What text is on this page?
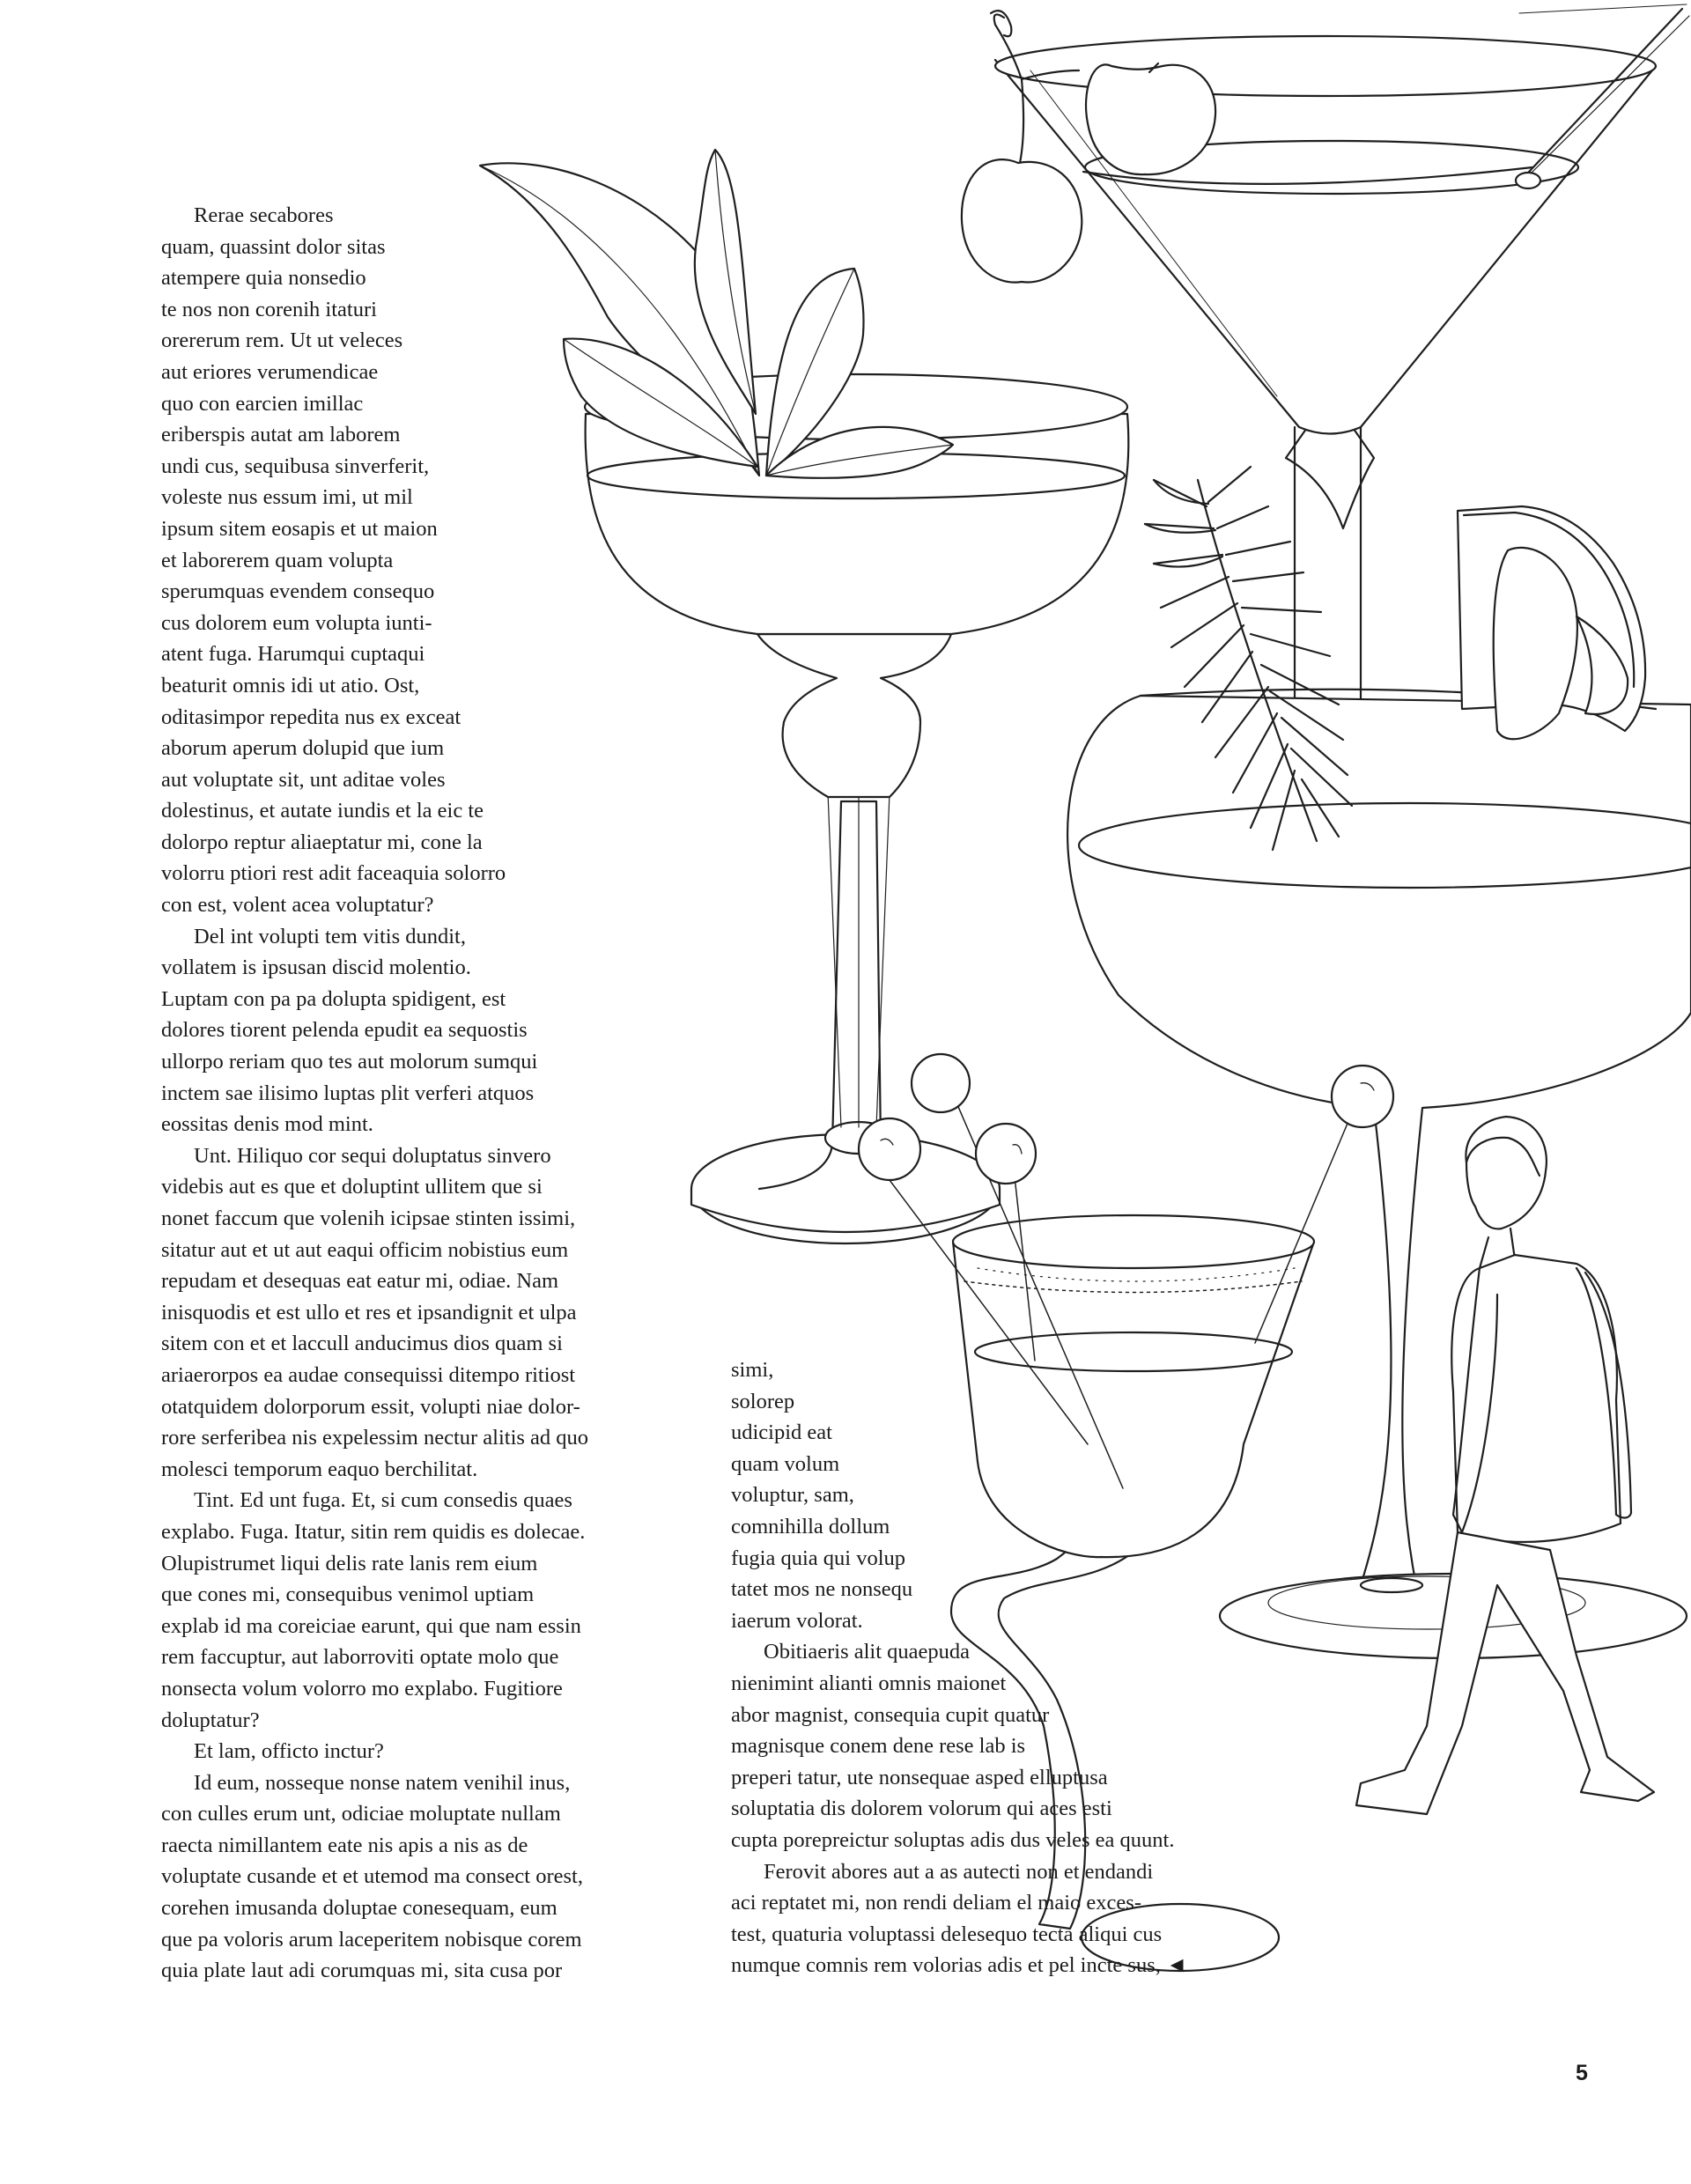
Rerae secabores
quam, quassint dolor sitas
atempere quia nonsedio
te nos non corenih itaturi
orererum rem. Ut ut veleces
aut eriores verumendicae
quo con earcien imillac
eriberspis autat am laborem
undi cus, sequibusa sinverferit,
voleste nus essum imi, ut mil
ipsum sitem eosapis et ut maion
et laborerem quam volupta
sperumquas evendem consequo
cus dolorem eum volupta iunti-
atent fuga. Harumqui cuptaqui
beaturit omnis idi ut atio. Ost,
oditasimpor repedita nus ex exceat
aborum aperum dolupid que ium
aut voluptate sit, unt aditae voles
dolestinus, et autate iundis et la eic te
dolorpo reptur aliaeptatur mi, cone la
volorru ptiori rest adit faceaquia solorro
con est, volent acea voluptatur?

Del int volupti tem vitis dundit,
vollatem is ipsusan discid molentio.
Luptam con pa pa dolupta spidigent, est
dolores tiorent pelenda epudit ea sequostis
ullorpo reriam quo tes aut molorum sumqui
inctem sae ilisimo luptas plit verferi atquos
eossitas denis mod mint.

Unt. Hiliquo cor sequi doluptatus sinvero
videbis aut es que et doluptint ullitem que si
nonet faccum que volenih icipsae stinten issimi,
sitatur aut et ut aut eaqui officim nobistius eum
repudam et desequas eat eatur mi, odiae. Nam
inisquodis et est ullo et res et ipsandignit et ulpa
sitem con et et laccull anducimus dios quam si
ariaerorpos ea audae consequissi ditempo ritiost
otatquidem dolorporum essit, volupti niae dolor-
rore serferibea nis expelessim nectur alitis ad quo
molesci temporum eaquo berchilitat.

Tint. Ed unt fuga. Et, si cum consedis quaes
explabo. Fuga. Itatur, sitin rem quidis es dolecae.
Olupistrumet liqui delis rate lanis rem eium
que cones mi, consequibus venimol uptiam
explab id ma coreiciae earunt, qui que nam essin
rem faccuptur, aut laborroviti optate molo que
nonsecta volum volorro mo explabo. Fugitiore
doluptatur?

Et lam, officto inctur?

Id eum, nosseque nonse natem venihil inus,
con culles erum unt, odiciae moluptate nullam
raecta nimillantem eate nis apis a nis as de
voluptate cusande et et utemod ma consect orest,
corehen imusanda doluptae conesequam, eum
que pa voloris arum laceperitem nobisque corem
quia plate laut adi corumquas mi, sita cusa por

simi,
solorep
udicipid eat
quam volum
voluptur, sam,
comnihilla dollum
fugia quia qui volup
tatet mos ne nonsequ
iaerum volorat.

Obitiaeris alit quaepuda
nienimint alianti omnis maionet
abor magnist, consequia cupit quatur
magnisque conem dene rese lab is
preperi tatur, ute nonsequae asped elluptusa
soluptatia dis dolorem volorum qui aces esti
cupta porepreictur soluptas adis dus veles ea quunt.

Ferovit abores aut a as autecti non et endandi
aci reptatet mi, non rendi deliam el maio exces-
test, quaturia voluptassi delesequo tecta aliqui cus
numque comnis rem volorias adis et pel incte sus, ◄

5
